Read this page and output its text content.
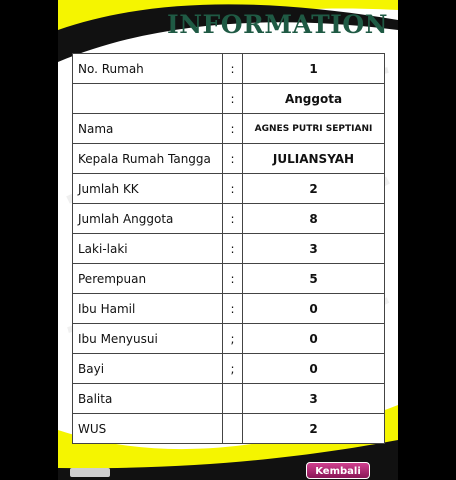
INFORMATION
No. Rumah	:	1
	:	Anggota
Nama	:	AGNES PUTRI SEPTIANI
Kepala Rumah Tangga	:	JULIANSYAH
Jumlah KK	:	2
Jumlah Anggota	:	8
Laki-laki	:	3
Perempuan	:	5
Ibu Hamil	:	0
Ibu Menyusui	;	0
Bayi	;	0
Balita		3
WUS		2
Kembali
